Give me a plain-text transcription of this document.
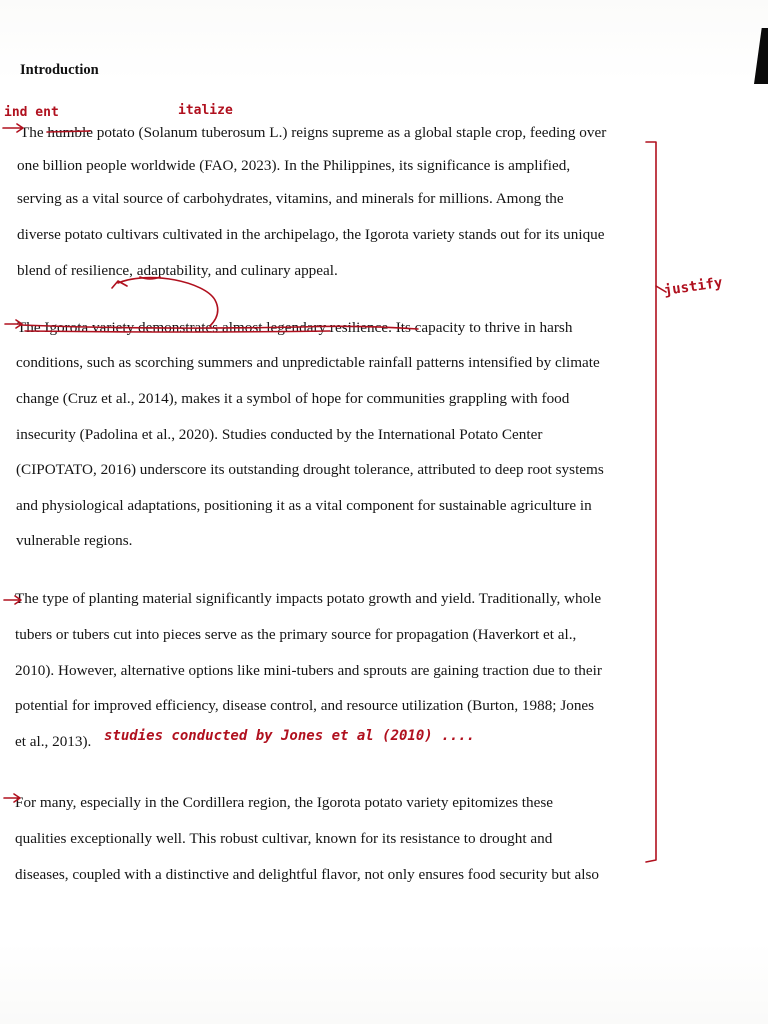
Introduction
The humble potato (Solanum tuberosum L.) reigns supreme as a global staple crop, feeding over
one billion people worldwide (FAO, 2023). In the Philippines, its significance is amplified,
serving as a vital source of carbohydrates, vitamins, and minerals for millions. Among the
diverse potato cultivars cultivated in the archipelago, the Igorota variety stands out for its unique
blend of resilience, adaptability, and culinary appeal.
The Igorota variety demonstrates almost legendary resilience. Its capacity to thrive in harsh
conditions, such as scorching summers and unpredictable rainfall patterns intensified by climate
change (Cruz et al., 2014), makes it a symbol of hope for communities grappling with food
insecurity (Padolina et al., 2020). Studies conducted by the International Potato Center
(CIPOTATO, 2016) underscore its outstanding drought tolerance, attributed to deep root systems
and physiological adaptations, positioning it as a vital component for sustainable agriculture in
vulnerable regions.
The type of planting material significantly impacts potato growth and yield. Traditionally, whole
tubers or tubers cut into pieces serve as the primary source for propagation (Haverkort et al.,
2010). However, alternative options like mini-tubers and sprouts are gaining traction due to their
potential for improved efficiency, disease control, and resource utilization (Burton, 1988; Jones
et al., 2013).
For many, especially in the Cordillera region, the Igorota potato variety epitomizes these
qualities exceptionally well. This robust cultivar, known for its resistance to drought and
diseases, coupled with a distinctive and delightful flavor, not only ensures food security but also
ind ent	italize
justify
studies conducted by Jones et al (2010) ....
